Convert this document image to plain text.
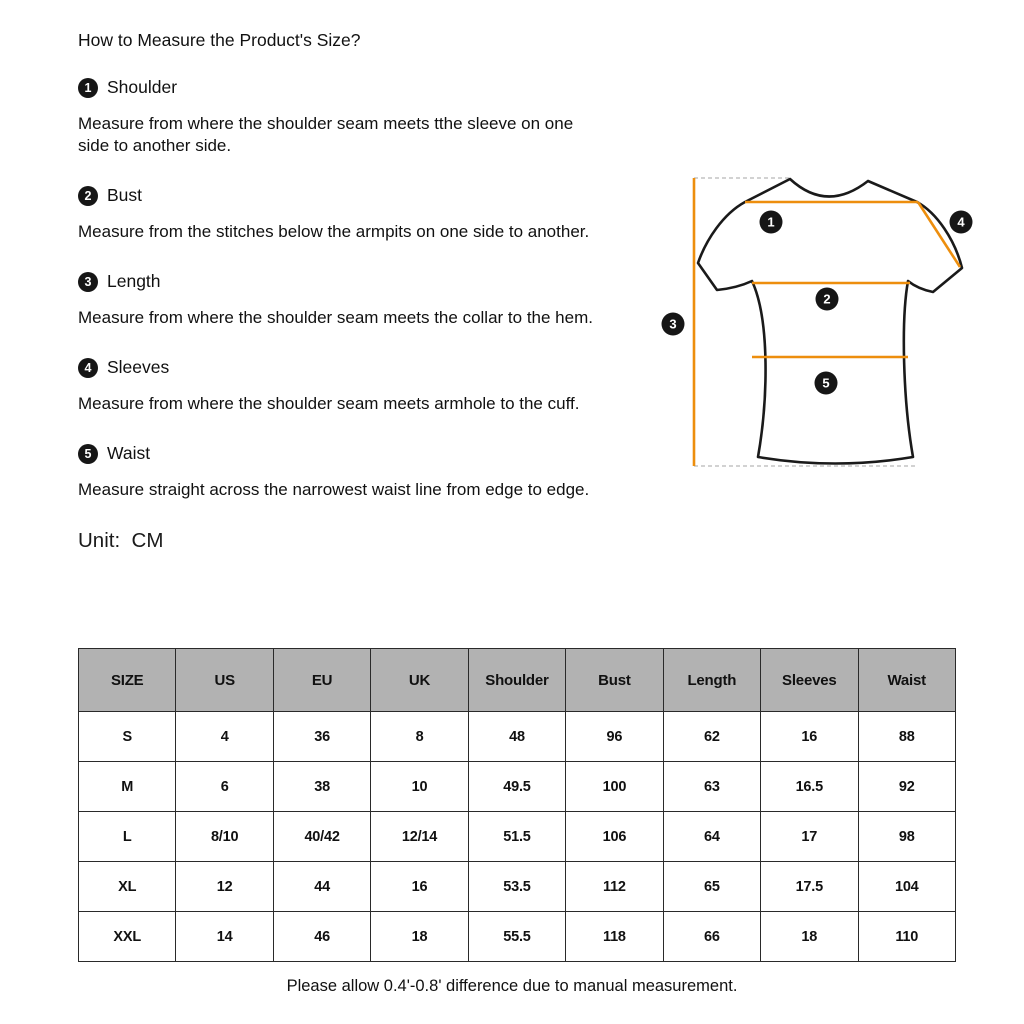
How to Measure the Product's Size?

1 Shoulder

Measure from where the shoulder seam meets tthe sleeve on one side to another side.

2 Bust

Measure from the stitches below the armpits on one side to another.

3 Length

Measure from where the shoulder seam meets the collar to the hem.

4 Sleeves

Measure from where the shoulder seam meets armhole to the cuff.

5 Waist

Measure straight across the narrowest waist line from edge to edge.

Unit:  CM

1
2
3
4
5
SIZE	US	EU	UK	Shoulder	Bust	Length	Sleeves	Waist
S	4	36	8	48	96	62	16	88
M	6	38	10	49.5	100	63	16.5	92
L	8/10	40/42	12/14	51.5	106	64	17	98
XL	12	44	16	53.5	112	65	17.5	104
XXL	14	46	18	55.5	118	66	18	110
Please allow 0.4'-0.8' difference due to manual measurement.
